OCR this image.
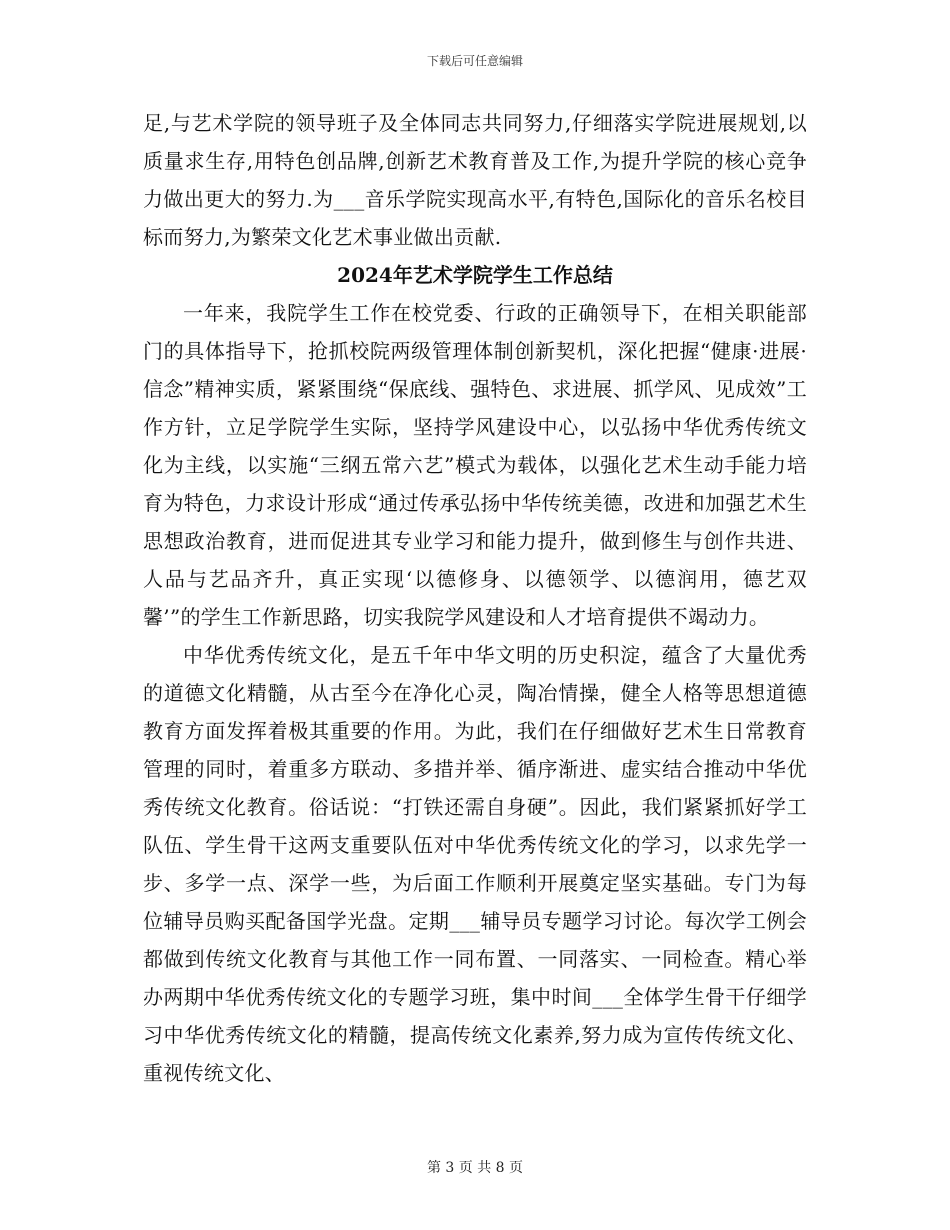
下载后可任意编辑

足,与艺术学院的领导班子及全体同志共同努力,仔细落实学院进展规划,以质量求生存,用特色创品牌,创新艺术教育普及工作,为提升学院的核心竞争力做出更大的努力.为___音乐学院实现高水平,有特色,国际化的音乐名校目标而努力,为繁荣文化艺术事业做出贡献.

2024年艺术学院学生工作总结

一年来，我院学生工作在校党委、行政的正确领导下，在相关职能部门的具体指导下，抢抓校院两级管理体制创新契机，深化把握“健康·进展·信念”精神实质，紧紧围绕“保底线、强特色、求进展、抓学风、见成效”工作方针，立足学院学生实际，坚持学风建设中心，以弘扬中华优秀传统文化为主线，以实施“三纲五常六艺”模式为载体，以强化艺术生动手能力培育为特色，力求设计形成“通过传承弘扬中华传统美德，改进和加强艺术生思想政治教育，进而促进其专业学习和能力提升，做到修生与创作共进、人品与艺品齐升，真正实现‘以德修身、以德领学、以德润用，德艺双馨’”的学生工作新思路，切实我院学风建设和人才培育提供不竭动力。

中华优秀传统文化，是五千年中华文明的历史积淀，蕴含了大量优秀的道德文化精髓，从古至今在净化心灵，陶冶情操，健全人格等思想道德教育方面发挥着极其重要的作用。为此，我们在仔细做好艺术生日常教育管理的同时，着重多方联动、多措并举、循序渐进、虚实结合推动中华优秀传统文化教育。俗话说：“打铁还需自身硬”。因此，我们紧紧抓好学工队伍、学生骨干这两支重要队伍对中华优秀传统文化的学习，以求先学一步、多学一点、深学一些，为后面工作顺利开展奠定坚实基础。专门为每位辅导员购买配备国学光盘。定期___辅导员专题学习讨论。每次学工例会都做到传统文化教育与其他工作一同布置、一同落实、一同检查。精心举办两期中华优秀传统文化的专题学习班，集中时间___全体学生骨干仔细学习中华优秀传统文化的精髓，提高传统文化素养,努力成为宣传传统文化、重视传统文化、

第 3 页 共 8 页
